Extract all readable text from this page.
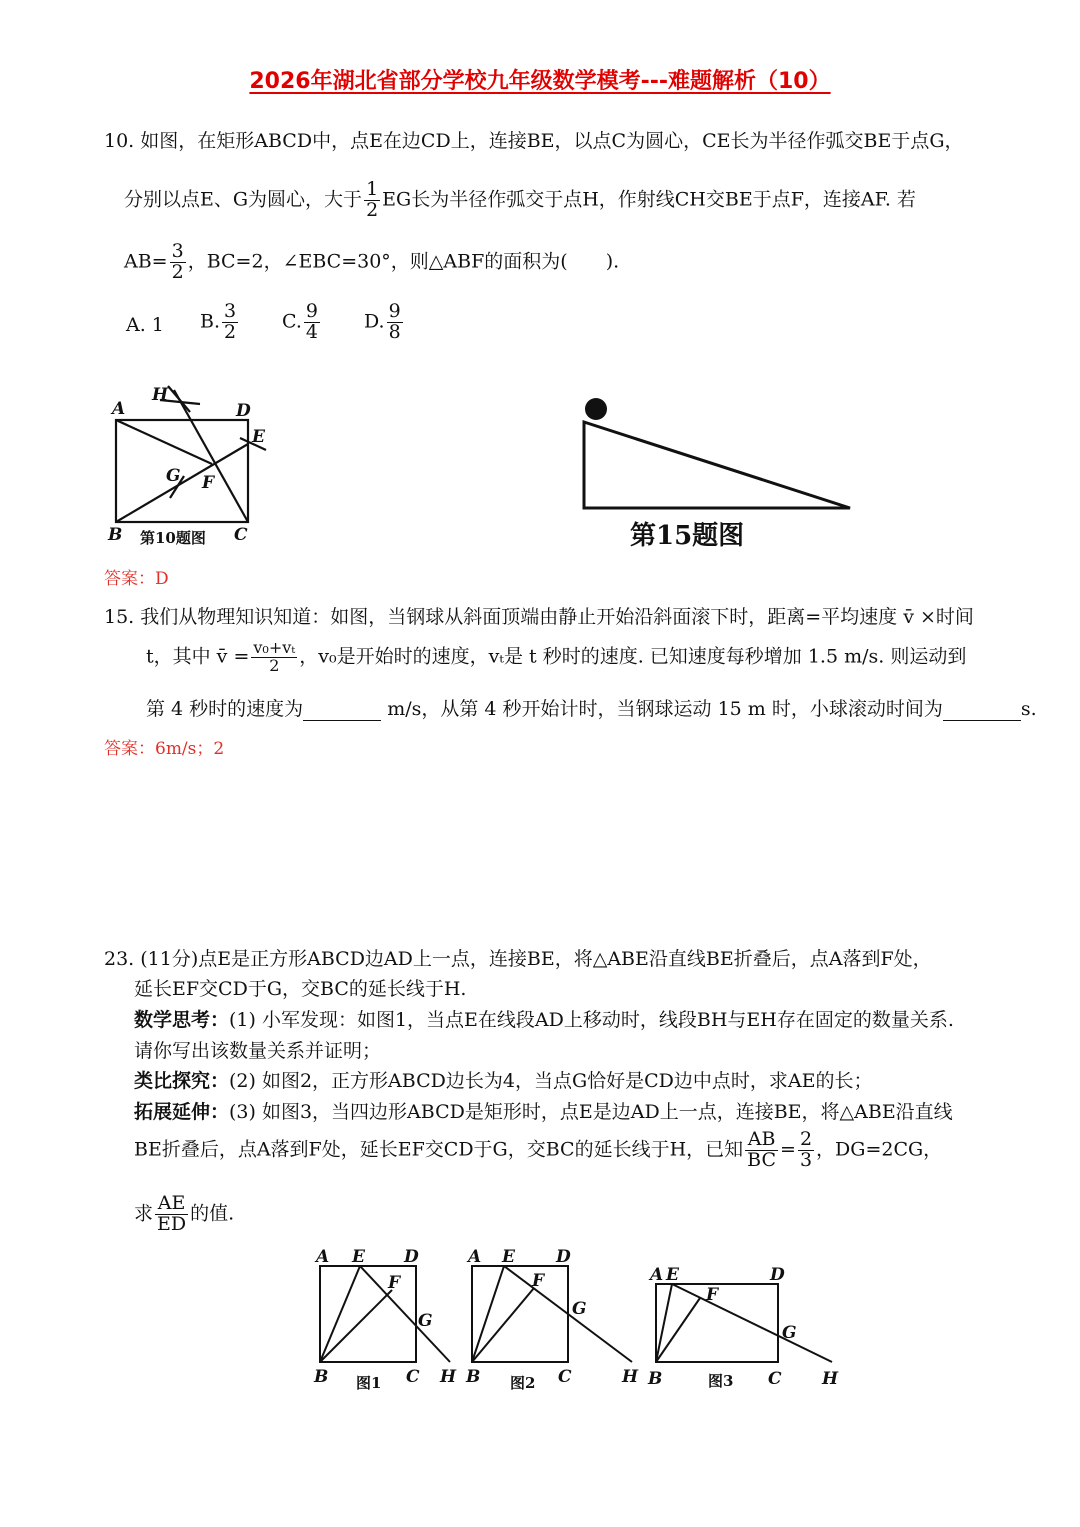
2026年湖北省部分学校九年级数学模考---难题解析（10）
10. 如图，在矩形ABCD中，点E在边CD上，连接BE，以点C为圆心，CE长为半径作弧交BE于点G，
分别以点E、G为圆心，大于 $\frac{1}{2}$ EG长为半径作弧交于点H，作射线CH交BE于点F，连接AF. 若
$AB= \frac{3}{2}$ ，BC=2，∠EBC=30°，则△ABF的面积为(　　).
A. 1 B. $\frac{3}{2} C$. $\frac{9}{4} D$. $\frac{9}{8}$
A	D
E
H
G F
B	C
第10题图	第15题图
答案：D
15. 我们从物理知识知道：如图，当钢球从斜面顶端由静止开始沿斜面滚下时，距离=平均速度 v̄ ×时间
t，其中 v̄ = $\frac{\text{v₀+vₜ}}{2}$ ，v₀是开始时的速度，vₜ是 t 秒时的速度. 已知速度每秒增加 1.5 m/s. 则运动到
第 4 秒时的速度为	m/s，从第 4 秒开始计时，当钢球运动 15 m 时，小球滚动时间为	s.
答案：6m/s；2
23. (11分)点E是正方形ABCD边AD上一点，连接BE，将△ABE沿直线BE折叠后，点A落到F处，
延长EF交CD于G，交BC的延长线于H.
数学思考：(1) 小军发现：如图1，当点E在线段AD上移动时，线段BH与EH存在固定的数量关系.
请你写出该数量关系并证明；
类比探究：(2) 如图2，正方形ABCD边长为4，当点G恰好是CD边中点时，求AE的长；
拓展延伸：(3) 如图3，当四边形ABCD是矩形时，点E是边AD上一点，连接BE，将△ABE沿直线
BE折叠后，点A落到F处，延长EF交CD于G，交BC的延长线于H，已知 $\frac{AB}{BC} = \frac{2}{3}$ ，DG=2CG，
求 $\frac{AE}{ED}$ 的值.
A E D
F
G
B	C H
图1
A E D
F
G
B	C	H
图2
A E	D
F
G
B	C H
图3
